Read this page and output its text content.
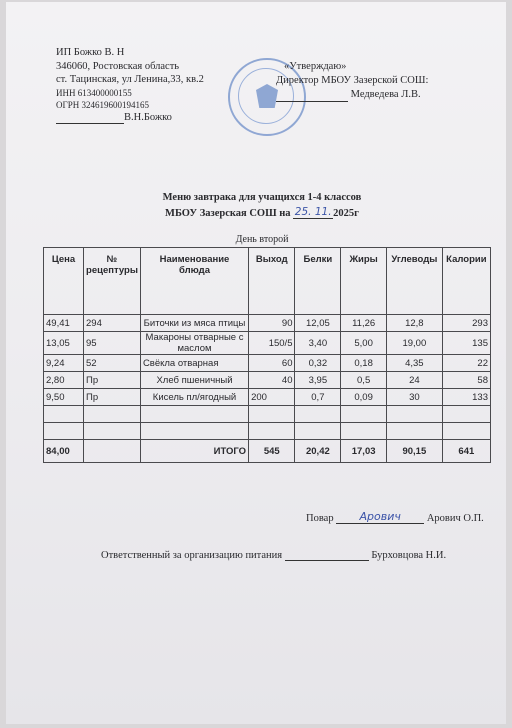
ИП Божко В. Н
346060, Ростовская область
ст. Тацинская, ул Ленина,33, кв.2
ИНН 613400000155
ОГРН 324619600194165
В.Н.Божко
«Утверждаю»
Директор МБОУ Зазерской СОШ:
Медведева Л.В.
Меню завтрака для учащихся 1-4 классов
МБОУ Зазерская СОШ на 25. 11. 2025г
День второй
Цена	№ рецептуры	Наименование блюда	Выход	Белки	Жиры	Углеводы	Калории
49,41	294	Биточки из мяса птицы	90	12,05	11,26	12,8	293
13,05	95	Макароны отварные с маслом	150/5	3,40	5,00	19,00	135
9,24	52	Свёкла отварная	60	0,32	0,18	4,35	22
2,80	Пр	Хлеб пшеничный	40	3,95	0,5	24	58
9,50	Пр	Кисель пл/ягодный	200	0,7	0,09	30	133

84,00		ИТОГО	545	20,42	17,03	90,15	641
Повар Арович Арович О.П.
Ответственный за организацию питания	Бурховцова Н.И.
